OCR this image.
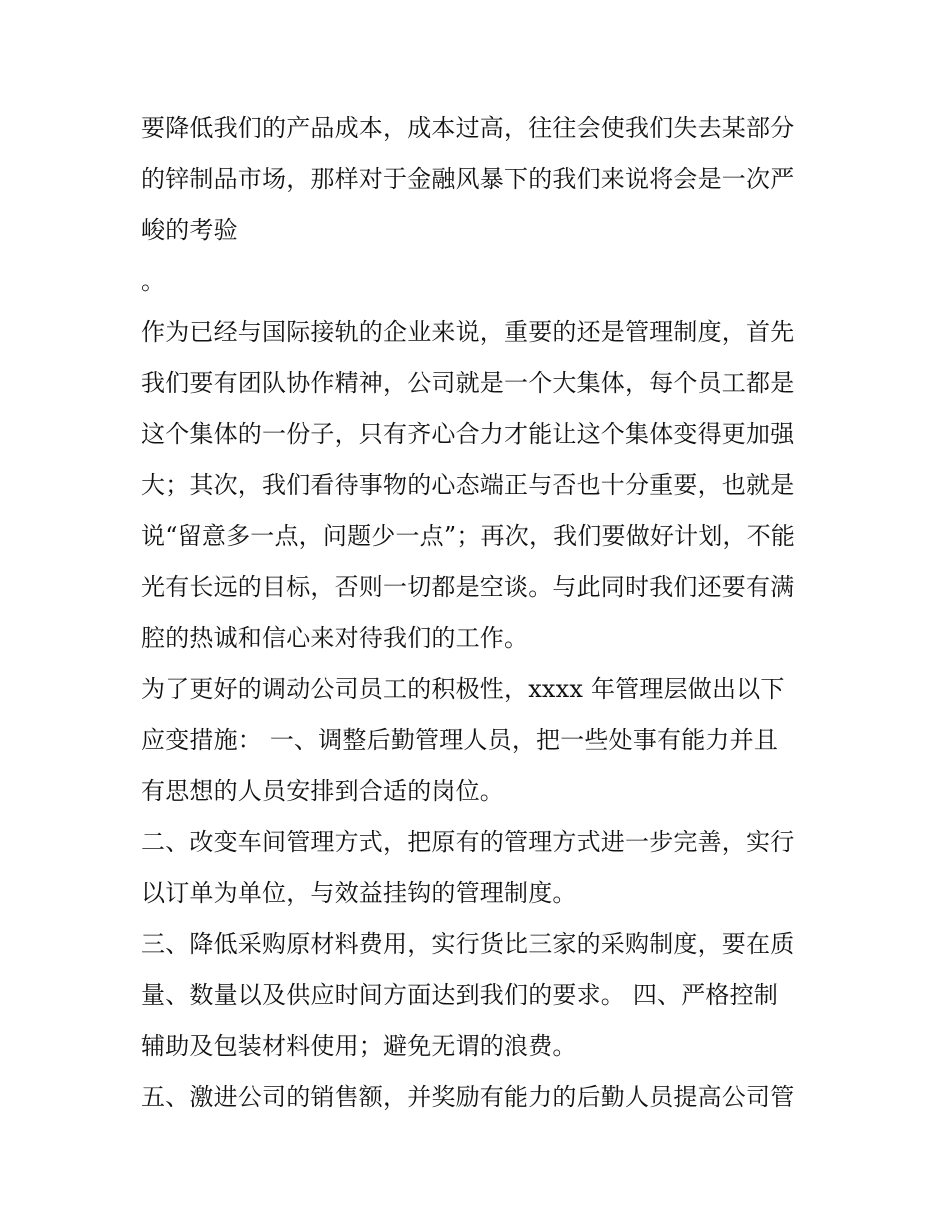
要降低我们的产品成本，成本过高，往往会使我们失去某部分
的锌制品市场，那样对于金融风暴下的我们来说将会是一次严
峻的考验
。
作为已经与国际接轨的企业来说，重要的还是管理制度，首先
我们要有团队协作精神，公司就是一个大集体，每个员工都是
这个集体的一份子，只有齐心合力才能让这个集体变得更加强
大；其次，我们看待事物的心态端正与否也十分重要，也就是
说“留意多一点，问题少一点”；再次，我们要做好计划，不能
光有长远的目标，否则一切都是空谈。与此同时我们还要有满
腔的热诚和信心来对待我们的工作。
为了更好的调动公司员工的积极性，xxxx 年管理层做出以下
应变措施： 一、调整后勤管理人员，把一些处事有能力并且
有思想的人员安排到合适的岗位。
二、改变车间管理方式，把原有的管理方式进一步完善，实行
以订单为单位，与效益挂钩的管理制度。
三、降低采购原材料费用，实行货比三家的采购制度，要在质
量、数量以及供应时间方面达到我们的要求。 四、严格控制
辅助及包装材料使用；避免无谓的浪费。
五、激进公司的销售额，并奖励有能力的后勤人员提高公司管
